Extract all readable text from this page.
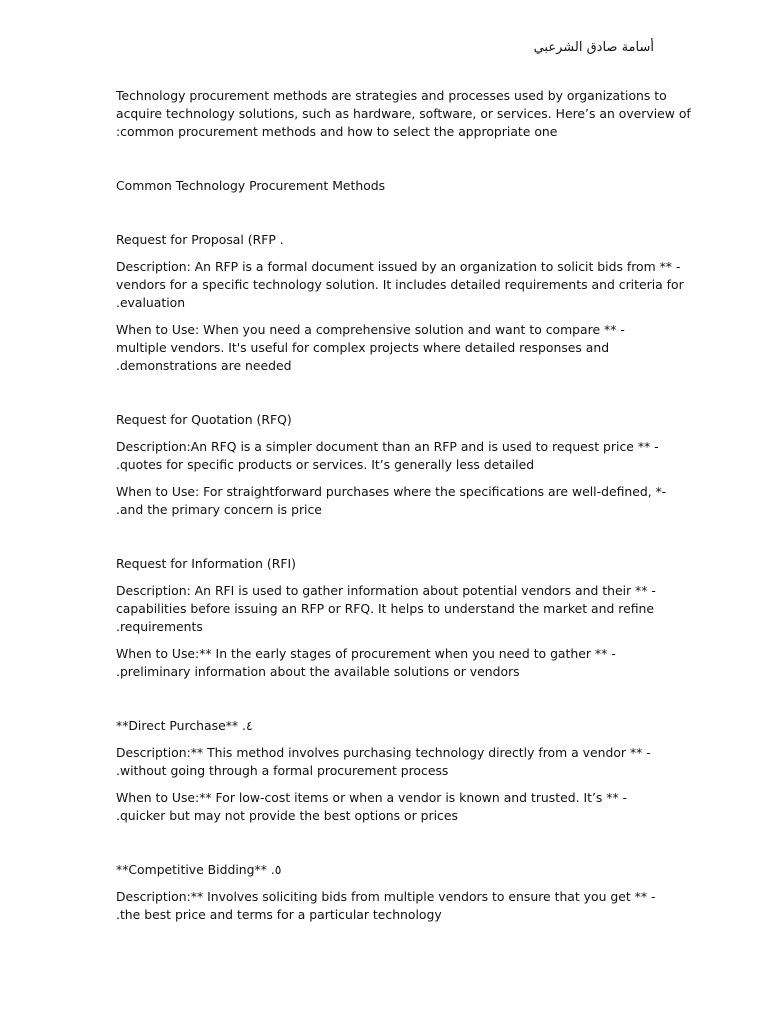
أسامة صادق الشرعبي
Technology procurement methods are strategies and processes used by organizations to
acquire technology solutions, such as hardware, software, or services. Here’s an overview of
:common procurement methods and how to select the appropriate one
Common Technology Procurement Methods
Request for Proposal (RFP .
Description: An RFP is a formal document issued by an organization to solicit bids from ** -
vendors for a specific technology solution. It includes detailed requirements and criteria for
.evaluation
When to Use: When you need a comprehensive solution and want to compare ** -
multiple vendors. It's useful for complex projects where detailed responses and
.demonstrations are needed
Request for Quotation (RFQ)
Description:An RFQ is a simpler document than an RFP and is used to request price ** -
.quotes for specific products or services. It’s generally less detailed
When to Use: For straightforward purchases where the specifications are well-defined, *-
.and the primary concern is price
Request for Information (RFI)
Description: An RFI is used to gather information about potential vendors and their ** -
capabilities before issuing an RFP or RFQ. It helps to understand the market and refine
.requirements
When to Use:** In the early stages of procurement when you need to gather ** -
.preliminary information about the available solutions or vendors
**Direct Purchase** .٤
Description:** This method involves purchasing technology directly from a vendor ** -
.without going through a formal procurement process
When to Use:** For low-cost items or when a vendor is known and trusted. It’s ** -
.quicker but may not provide the best options or prices
**Competitive Bidding** .٥
Description:** Involves soliciting bids from multiple vendors to ensure that you get ** -
.the best price and terms for a particular technology
